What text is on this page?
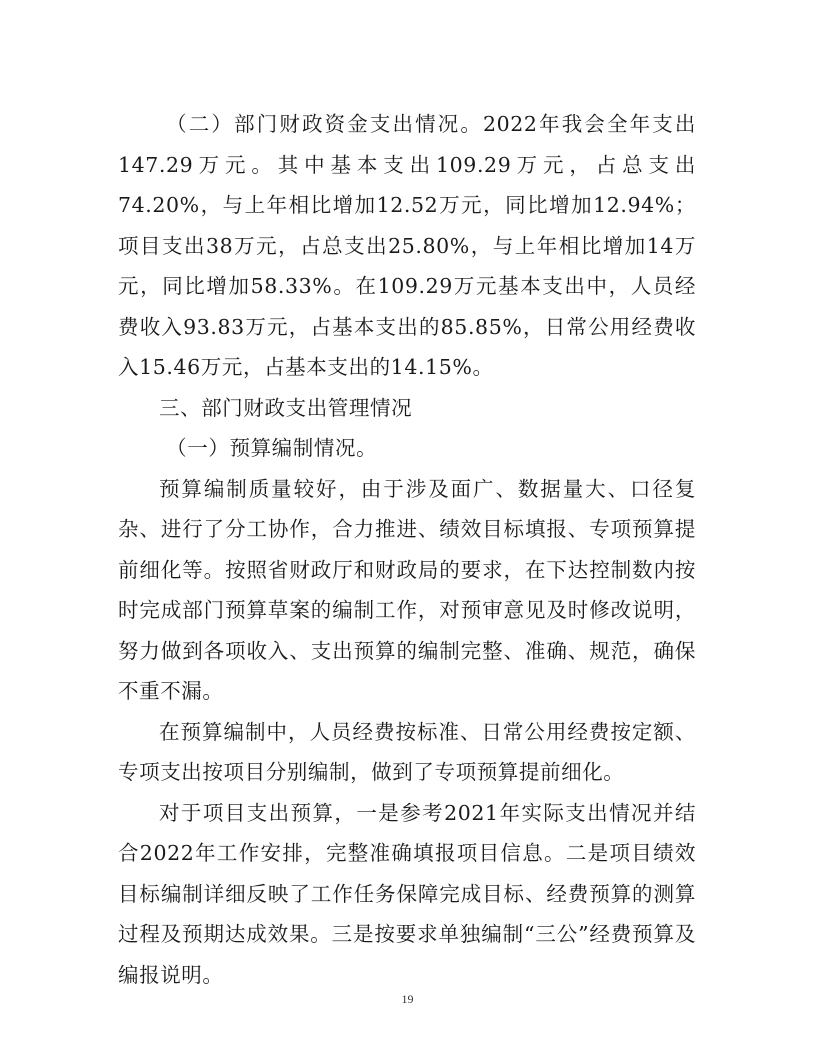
（二）部门财政资金支出情况。2022年我会全年支出147.29万元。其中基本支出109.29万元，占总支出74.20%，与上年相比增加12.52万元，同比增加12.94%；项目支出38万元，占总支出25.80%，与上年相比增加14万元，同比增加58.33%。在109.29万元基本支出中，人员经费收入93.83万元，占基本支出的85.85%，日常公用经费收入15.46万元，占基本支出的14.15%。

三、部门财政支出管理情况

（一）预算编制情况。

预算编制质量较好，由于涉及面广、数据量大、口径复杂、进行了分工协作，合力推进、绩效目标填报、专项预算提前细化等。按照省财政厅和财政局的要求，在下达控制数内按时完成部门预算草案的编制工作，对预审意见及时修改说明，努力做到各项收入、支出预算的编制完整、准确、规范，确保不重不漏。

在预算编制中，人员经费按标准、日常公用经费按定额、专项支出按项目分别编制，做到了专项预算提前细化。

对于项目支出预算，一是参考2021年实际支出情况并结合2022年工作安排，完整准确填报项目信息。二是项目绩效目标编制详细反映了工作任务保障完成目标、经费预算的测算过程及预期达成效果。三是按要求单独编制“三公”经费预算及编报说明。

19
